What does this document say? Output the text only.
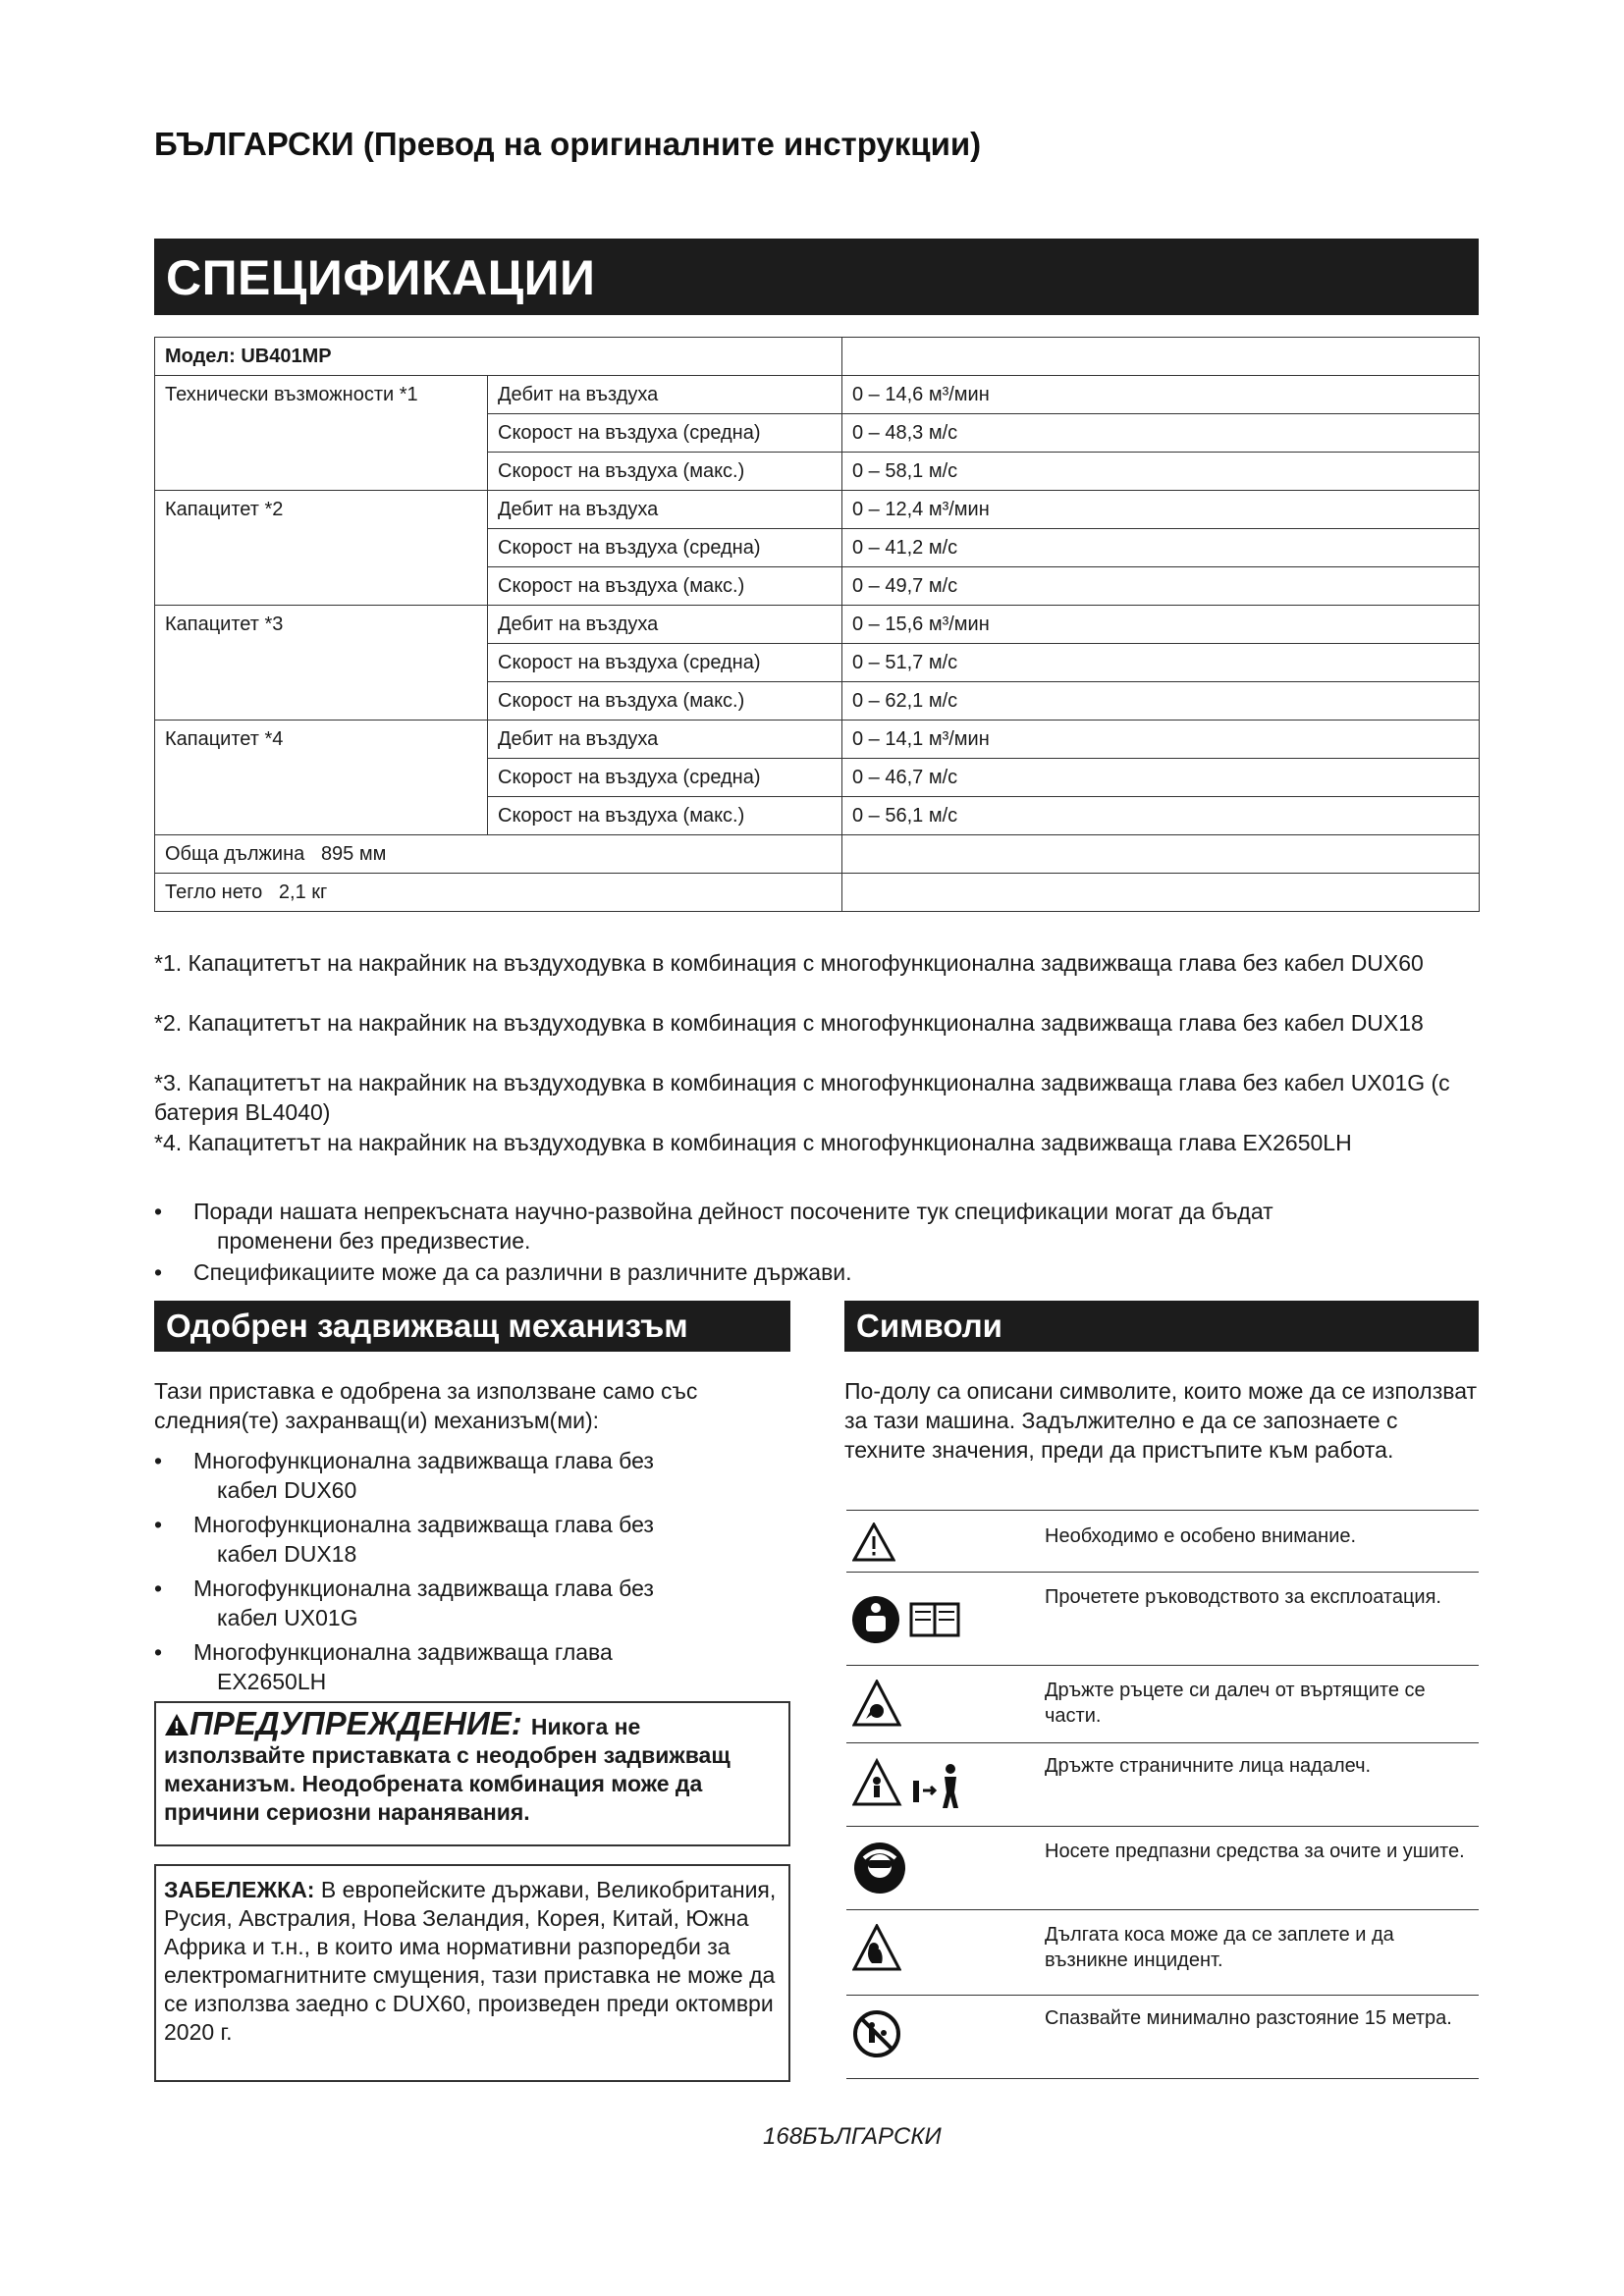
БЪЛГАРСКИ (Превод на оригиналните инструкции)
СПЕЦИФИКАЦИИ
Модел: UB401MP		
Технически възможности *1	Дебит на въздуха	0 – 14,6 м³/мин
	Скорост на въздуха (средна)	0 – 48,3 м/с
	Скорост на въздуха (макс.)	0 – 58,1 м/с
Капацитет *2	Дебит на въздуха	0 – 12,4 м³/мин
	Скорост на въздуха (средна)	0 – 41,2 м/с
	Скорост на въздуха (макс.)	0 – 49,7 м/с
Капацитет *3	Дебит на въздуха	0 – 15,6 м³/мин
	Скорост на въздуха (средна)	0 – 51,7 м/с
	Скорост на въздуха (макс.)	0 – 62,1 м/с
Капацитет *4	Дебит на въздуха	0 – 14,1 м³/мин
	Скорост на въздуха (средна)	0 – 46,7 м/с
	Скорост на въздуха (макс.)	0 – 56,1 м/с
Обща дължина 895 мм		
Тегло нето 2,1 кг		
*1. Капацитетът на накрайник на въздуходувка в комбинация с многофункционална задвижваща глава без кабел DUX60
*2. Капацитетът на накрайник на въздуходувка в комбинация с многофункционална задвижваща глава без кабел DUX18
*3. Капацитетът на накрайник на въздуходувка в комбинация с многофункционална задвижваща глава без кабел UX01G (с батерия BL4040)
*4. Капацитетът на накрайник на въздуходувка в комбинация с многофункционална задвижваща глава EX2650LH
• Поради нашата непрекъсната научно-развойна дейност посочените тук спецификации могат да бъдат
променени без предизвестие.
• Спецификациите може да са различни в различните държави.
Одобрен задвижващ механизъм
Тази приставка е одобрена за използване само със следния(те) захранващ(и) механизъм(ми):
• Многофункционална задвижваща глава без
кабел DUX60
• Многофункционална задвижваща глава без
кабел DUX18
• Многофункционална задвижваща глава без
кабел UX01G
• Многофункционална задвижваща глава
EX2650LH
ПРЕДУПРЕЖДЕНИЕ: Никога не използвайте приставката с неодобрен задвижващ механизъм. Неодобрената комбинация може да причини сериозни наранявания.
ЗАБЕЛЕЖКА: В европейските държави, Великобритания, Русия, Австралия, Нова Зеландия, Корея, Китай, Южна Африка и т.н., в които има нормативни разпоредби за електромагнитните смущения, тази приставка не може да се използва заедно с DUX60, произведен преди октомври 2020 г.
Символи
По-долу са описани символите, които може да се използват за тази машина. Задължително е да се запознаете с техните значения, преди да пристъпите към работа.
Необходимо е особено внимание.
Прочетете ръководството за експлоатация.
Дръжте ръцете си далеч от въртящите се части.
Дръжте страничните лица надалеч.
Носете предпазни средства за очите и ушите.
Дългата коса може да се заплете и да възникне инцидент.
Спазвайте минимално разстояние 15 метра.
168БЪЛГАРСКИ
